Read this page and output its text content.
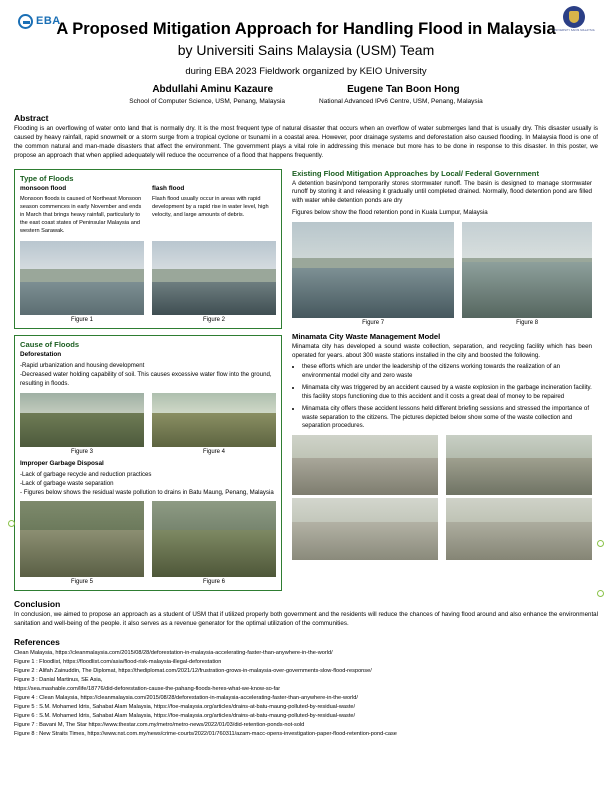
EBA
UNIVERSITI SAINS MALAYSIA
A Proposed Mitigation Approach for Handling Flood in Malaysia
by Universiti Sains Malaysia (USM) Team
during EBA 2023 Fieldwork organized by KEIO University
Abdullahi Aminu Kazaure	Eugene Tan Boon Hong
School of Computer Science, USM, Penang, Malaysia	National Advanced IPv6 Centre, USM, Penang, Malaysia
Abstract

Flooding is an overflowing of water onto land that is normally dry. It is the most frequent type of natural disaster that occurs when an overflow of water submerges land that is usually dry. This disaster usually is caused by heavy rainfall, rapid snowmelt or a storm surge from a tropical cyclone or tsunami in a coastal area. However, poor drainage systems and deforestation also caused flooding. In Malaysia flood is one of the common natural and man-made disasters that affect the environment. The government plays a vital role in addressing this menace but more has to be done in response to this disaster. In this poster, we propose an approach that when applied adequately will reduce the occurrence of a flood that happens frequently.

Type of Floods
monsoon flood
Monsoon floods is caused of Northeast Monsoon season commences in early November and ends in March that brings heavy rainfall, particularly to the east coast states of Peninsular Malaysia and western Sarawak.
flash flood
Flash flood usually occur in areas with rapid development by a rapid rise in water level, high velocity, and large amounts of debris.
Figure 1	Figure 2
Cause of Floods
Deforestation
-Rapid urbanization and housing development
-Decreased water holding capability of soil. This causes excessive water flow into the ground, resulting in floods.
Figure 3	Figure 4
Improper Garbage Disposal
-Lack of garbage recycle and reduction practices
-Lack of garbage waste separation
- Figures below shows the residual waste pollution to drains in Batu Maung, Penang, Malaysia
Figure 5	Figure 6
Existing Flood Mitigation Approaches by Local/ Federal Government
A detention basin/pond temporarily stores stormwater runoff. The basin is designed to manage stormwater runoff by storing it and releasing it gradually until completed drained. Normally, flood detention pond are filled with water while detention ponds are dry
Figures below show the flood retention pond in Kuala Lumpur, Malaysia
Figure 7	Figure 8
Minamata City Waste Management Model
Minamata city has developed a sound waste collection, separation, and recycling facility which has been operated for years. about 300 waste stations installed in the city and boosted the following.
• these efforts which are under the leadership of the citizens working towards the realization of an environmental model city and zero waste
• Minamata city was triggered by an accident caused by a waste explosion in the garbage incineration facility. this facility stops functioning due to this accident and it costs a great deal of money to be repaired
• Minamata city offers these accident lessons held different briefing sessions and stressed the importance of waste separation to the citizens. The pictures depicted below show some of the waste collection and separation procedures.
Conclusion

In conclusion, we aimed to propose an approach as a student of USM that if utilized properly both government and the residents will reduce the chances of having flood around and also enhance the environmental sanitation and well-being of the people. it also serves as a revenue generator for the optimal utilization of the communities.

References
Clean Malaysia, https://cleanmalaysia.com/2015/08/28/deforestation-in-malaysia-accelerating-faster-than-anywhere-in-the-world/
Figure 1 : Floodlist, https://floodlist.com/asia/flood-risk-malaysia-illegal-deforestation
Figure 2 : Alifah Zainuddin, The Diplomat, https://thediplomat.com/2021/12/frustration-grows-in-malaysia-over-governments-slow-flood-response/
Figure 3 : Danial Martinus, SE Asia,
https://sea.mashable.com/life/18776/did-deforestation-cause-the-pahang-floods-heres-what-we-know-so-far
Figure 4 : Clean Malaysia, https://cleanmalaysia.com/2015/08/28/deforestation-in-malaysia-accelerating-faster-than-anywhere-in-the-world/
Figure 5 : S.M. Mohamed Idris, Sahabat Alam Malaysia, https://foe-malaysia.org/articles/drains-at-batu-maung-polluted-by-residual-waste/
Figure 6 : S.M. Mohamed Idris, Sahabat Alam Malaysia, https://foe-malaysia.org/articles/drains-at-batu-maung-polluted-by-residual-waste/
Figure 7 : Bavani M, The Star https://www.thestar.com.my/metro/metro-news/2022/01/03/did-retention-ponds-not-sold
Figure 8 : New Straits Times, https://www.nst.com.my/news/crime-courts/2022/01/760311/azam-macc-opens-investigation-paper-flood-retention-pond-case
